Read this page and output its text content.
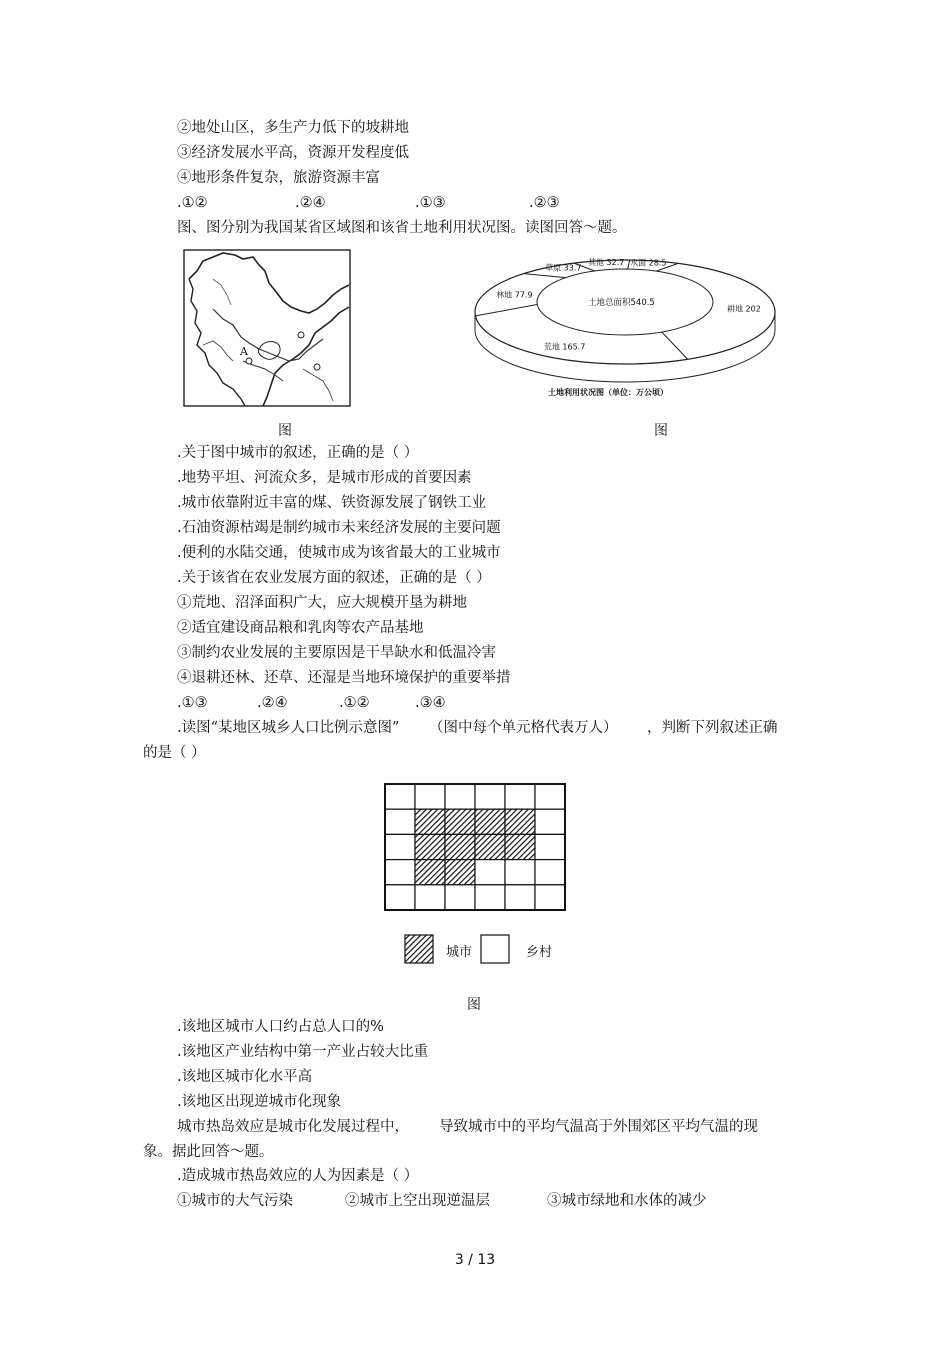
②地处山区，多生产力低下的坡耕地
③经济发展水平高，资源开发程度低
④地形条件复杂，旅游资源丰富
.①②	.②④	.①③	.②③
图、图分别为我国某省区域图和该省土地利用状况图。读图回答～题。
A
耕地 202
荒地 165.7
林地 77.9
草原 33.7
其他 32.7 水面 28.5
土地总面积540.5
土地利用状况图（单位：万公顷）
图	图
.关于图中城市的叙述，正确的是（ ）
.地势平坦、河流众多，是城市形成的首要因素
.城市依靠附近丰富的煤、铁资源发展了钢铁工业
.石油资源枯竭是制约城市未来经济发展的主要问题
.便利的水陆交通，使城市成为该省最大的工业城市
.关于该省在农业发展方面的叙述，正确的是（ ）
①荒地、沼泽面积广大，应大规模开垦为耕地
②适宜建设商品粮和乳肉等农产品基地
③制约农业发展的主要原因是干旱缺水和低温冷害
④退耕还林、还草、还湿是当地环境保护的重要举措
.①③	.②④	.①②	.③④
.读图“某地区城乡人口比例示意图” （图中每个单元格代表万人） ，判断下列叙述正确
的是（ ）
城市	乡村
图
.该地区城市人口约占总人口的%
.该地区产业结构中第一产业占较大比重
.该地区城市化水平高
.该地区出现逆城市化现象
城市热岛效应是城市化发展过程中， 导致城市中的平均气温高于外围郊区平均气温的现
象。据此回答～题。
.造成城市热岛效应的人为因素是（ ）
①城市的大气污染	②城市上空出现逆温层	③城市绿地和水体的减少
3 / 13
